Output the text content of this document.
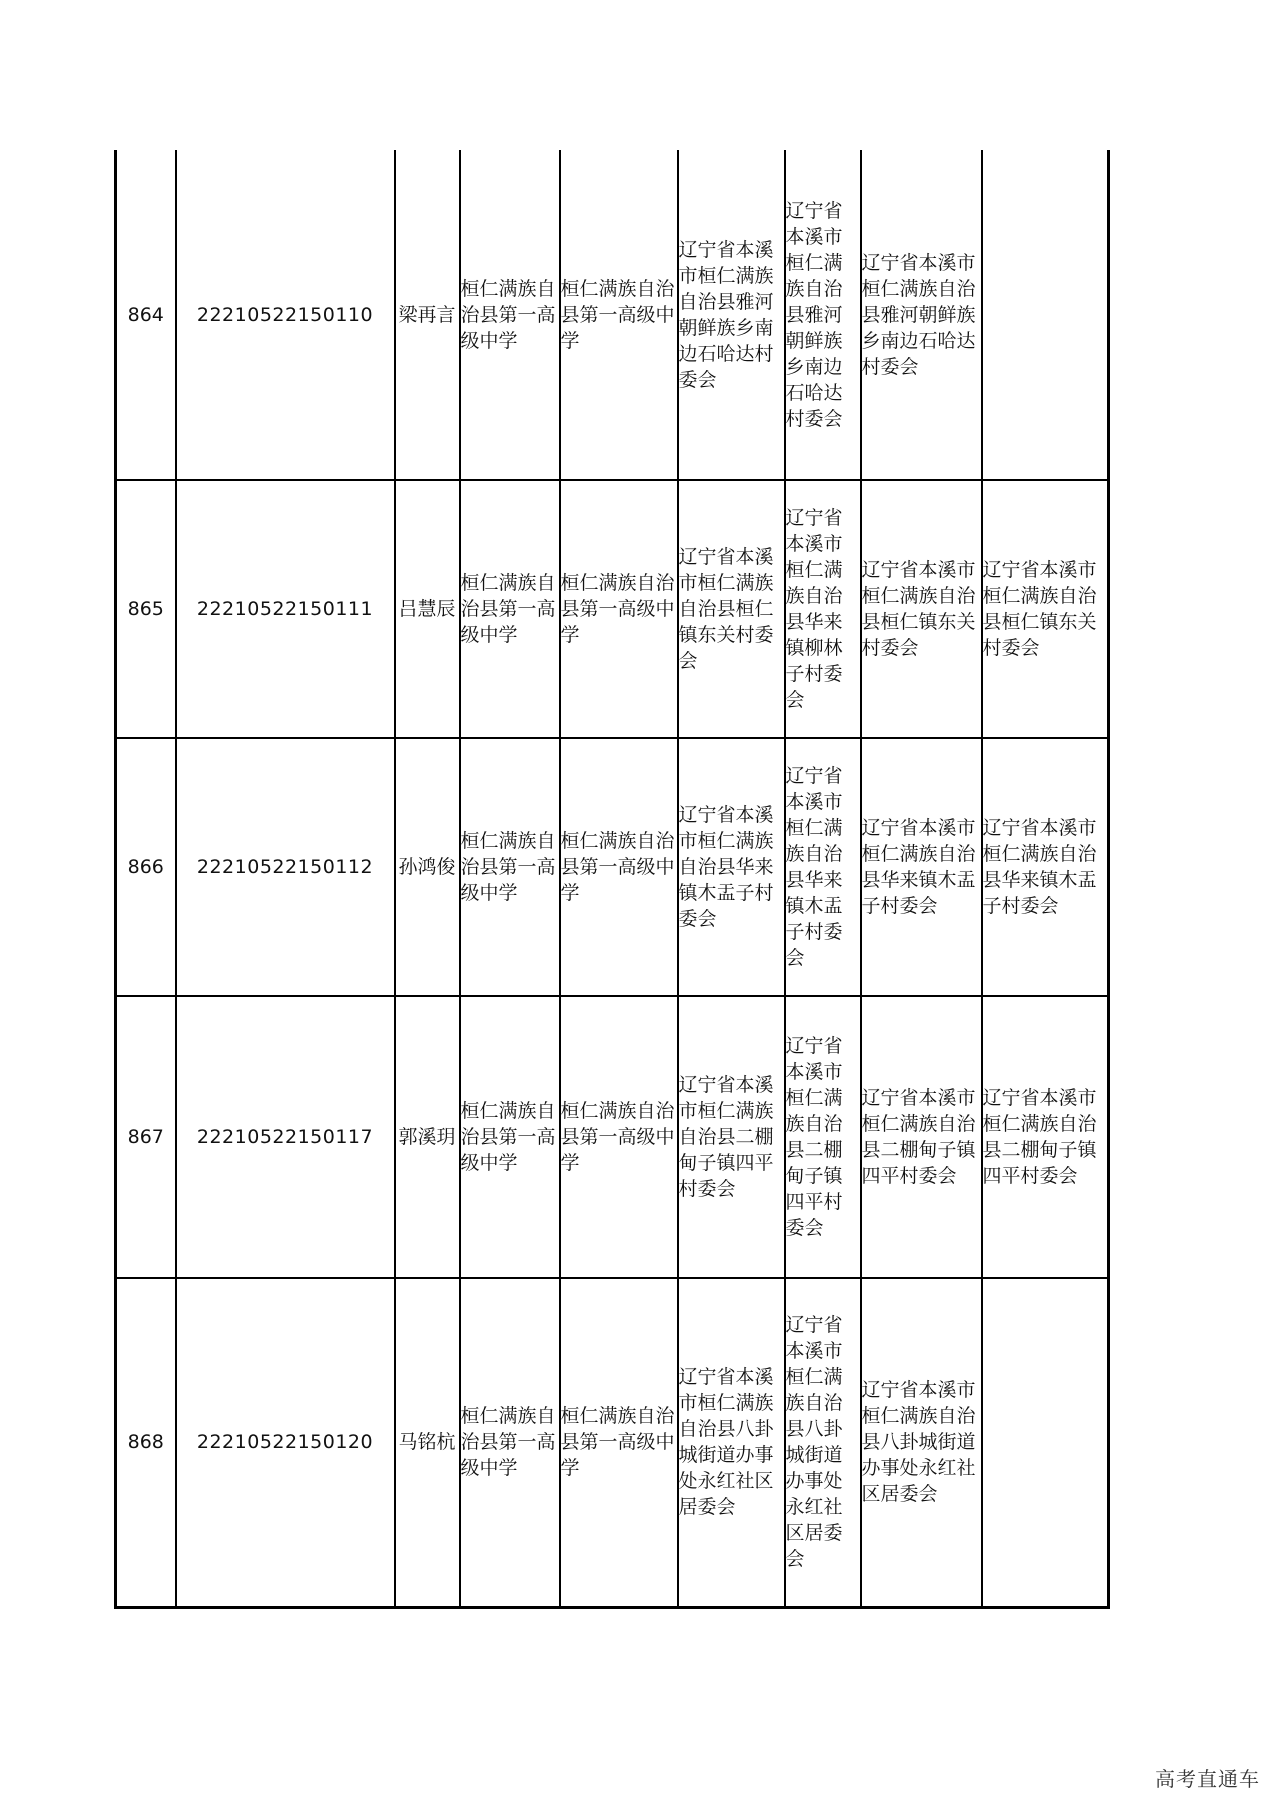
864	22210522150110	梁再言	桓仁满族自治县第一高级中学	桓仁满族自治县第一高级中学	辽宁省本溪市桓仁满族自治县雅河朝鲜族乡南边石哈达村委会	辽宁省本溪市桓仁满族自治县雅河朝鲜族乡南边石哈达村委会	辽宁省本溪市桓仁满族自治县雅河朝鲜族乡南边石哈达村委会	
865	22210522150111	吕慧辰	桓仁满族自治县第一高级中学	桓仁满族自治县第一高级中学	辽宁省本溪市桓仁满族自治县桓仁镇东关村委会	辽宁省本溪市桓仁满族自治县华来镇柳林子村委会	辽宁省本溪市桓仁满族自治县桓仁镇东关村委会	辽宁省本溪市桓仁满族自治县桓仁镇东关村委会
866	22210522150112	孙鸿俊	桓仁满族自治县第一高级中学	桓仁满族自治县第一高级中学	辽宁省本溪市桓仁满族自治县华来镇木盂子村委会	辽宁省本溪市桓仁满族自治县华来镇木盂子村委会	辽宁省本溪市桓仁满族自治县华来镇木盂子村委会	辽宁省本溪市桓仁满族自治县华来镇木盂子村委会
867	22210522150117	郭溪玥	桓仁满族自治县第一高级中学	桓仁满族自治县第一高级中学	辽宁省本溪市桓仁满族自治县二棚甸子镇四平村委会	辽宁省本溪市桓仁满族自治县二棚甸子镇四平村委会	辽宁省本溪市桓仁满族自治县二棚甸子镇四平村委会	辽宁省本溪市桓仁满族自治县二棚甸子镇四平村委会
868	22210522150120	马铭杭	桓仁满族自治县第一高级中学	桓仁满族自治县第一高级中学	辽宁省本溪市桓仁满族自治县八卦城街道办事处永红社区居委会	辽宁省本溪市桓仁满族自治县八卦城街道办事处永红社区居委会	辽宁省本溪市桓仁满族自治县八卦城街道办事处永红社区居委会	
高考直通车
